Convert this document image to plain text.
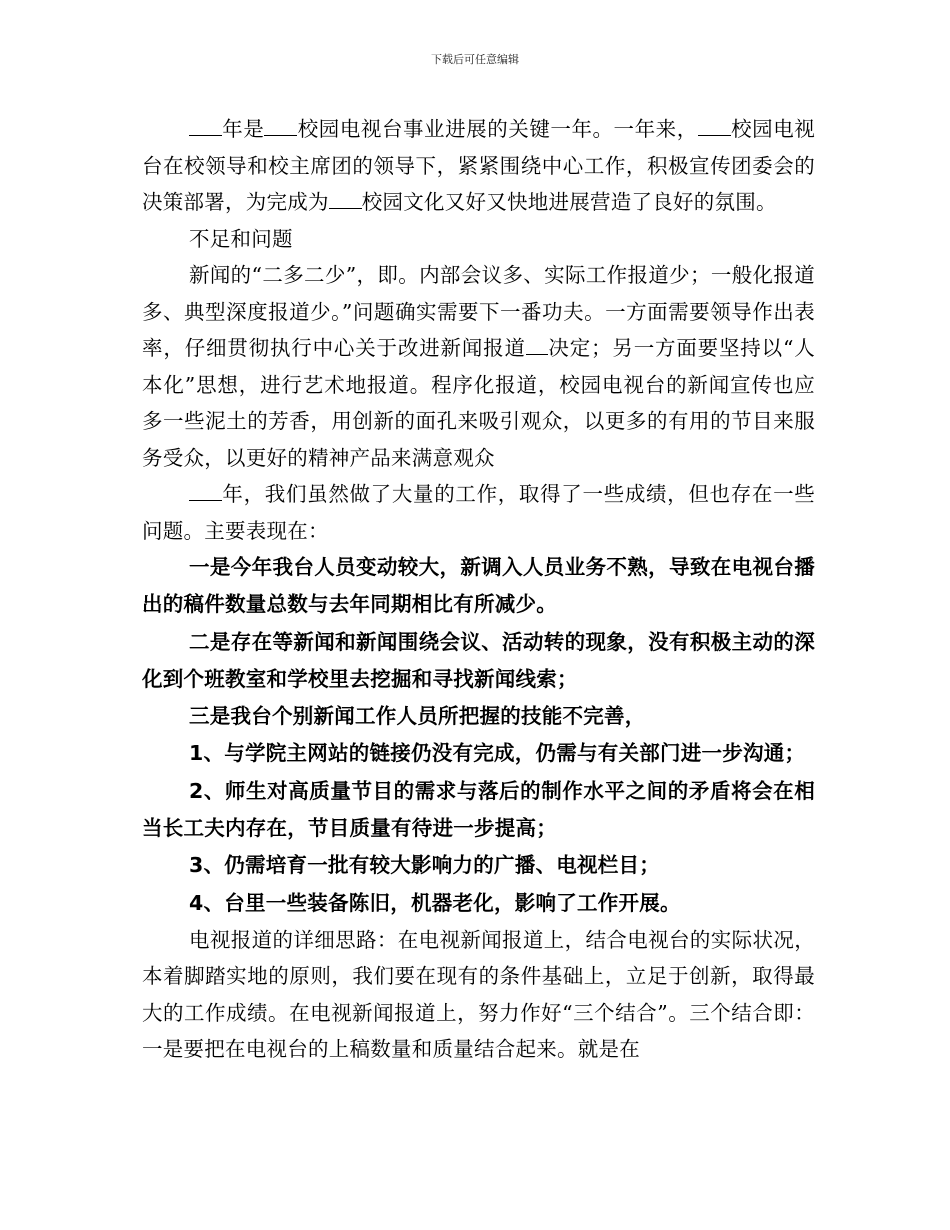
下载后可任意编辑

年是 校园电视台事业进展的关键一年。一年来， 校园电视台在校领导和校主席团的领导下，紧紧围绕中心工作，积极宣传团委会的决策部署，为完成为 校园文化又好又快地进展营造了良好的氛围。

不足和问题

新闻的“二多二少”，即。内部会议多、实际工作报道少；一般化报道多、典型深度报道少。”问题确实需要下一番功夫。一方面需要领导作出表率，仔细贯彻执行中心关于改进新闻报道 决定；另一方面要坚持以“人本化”思想，进行艺术地报道。程序化报道，校园电视台的新闻宣传也应多一些泥土的芳香，用创新的面孔来吸引观众，以更多的有用的节目来服务受众，以更好的精神产品来满意观众

年，我们虽然做了大量的工作，取得了一些成绩，但也存在一些问题。主要表现在：

一是今年我台人员变动较大，新调入人员业务不熟，导致在电视台播出的稿件数量总数与去年同期相比有所减少。

二是存在等新闻和新闻围绕会议、活动转的现象，没有积极主动的深化到个班教室和学校里去挖掘和寻找新闻线索；

三是我台个别新闻工作人员所把握的技能不完善，

1、与学院主网站的链接仍没有完成，仍需与有关部门进一步沟通；

2、师生对高质量节目的需求与落后的制作水平之间的矛盾将会在相当长工夫内存在，节目质量有待进一步提高；

3、仍需培育一批有较大影响力的广播、电视栏目；

4、台里一些装备陈旧，机器老化，影响了工作开展。

电视报道的详细思路：在电视新闻报道上，结合电视台的实际状况，本着脚踏实地的原则，我们要在现有的条件基础上，立足于创新，取得最大的工作成绩。在电视新闻报道上，努力作好“三个结合”。三个结合即：一是要把在电视台的上稿数量和质量结合起来。就是在
